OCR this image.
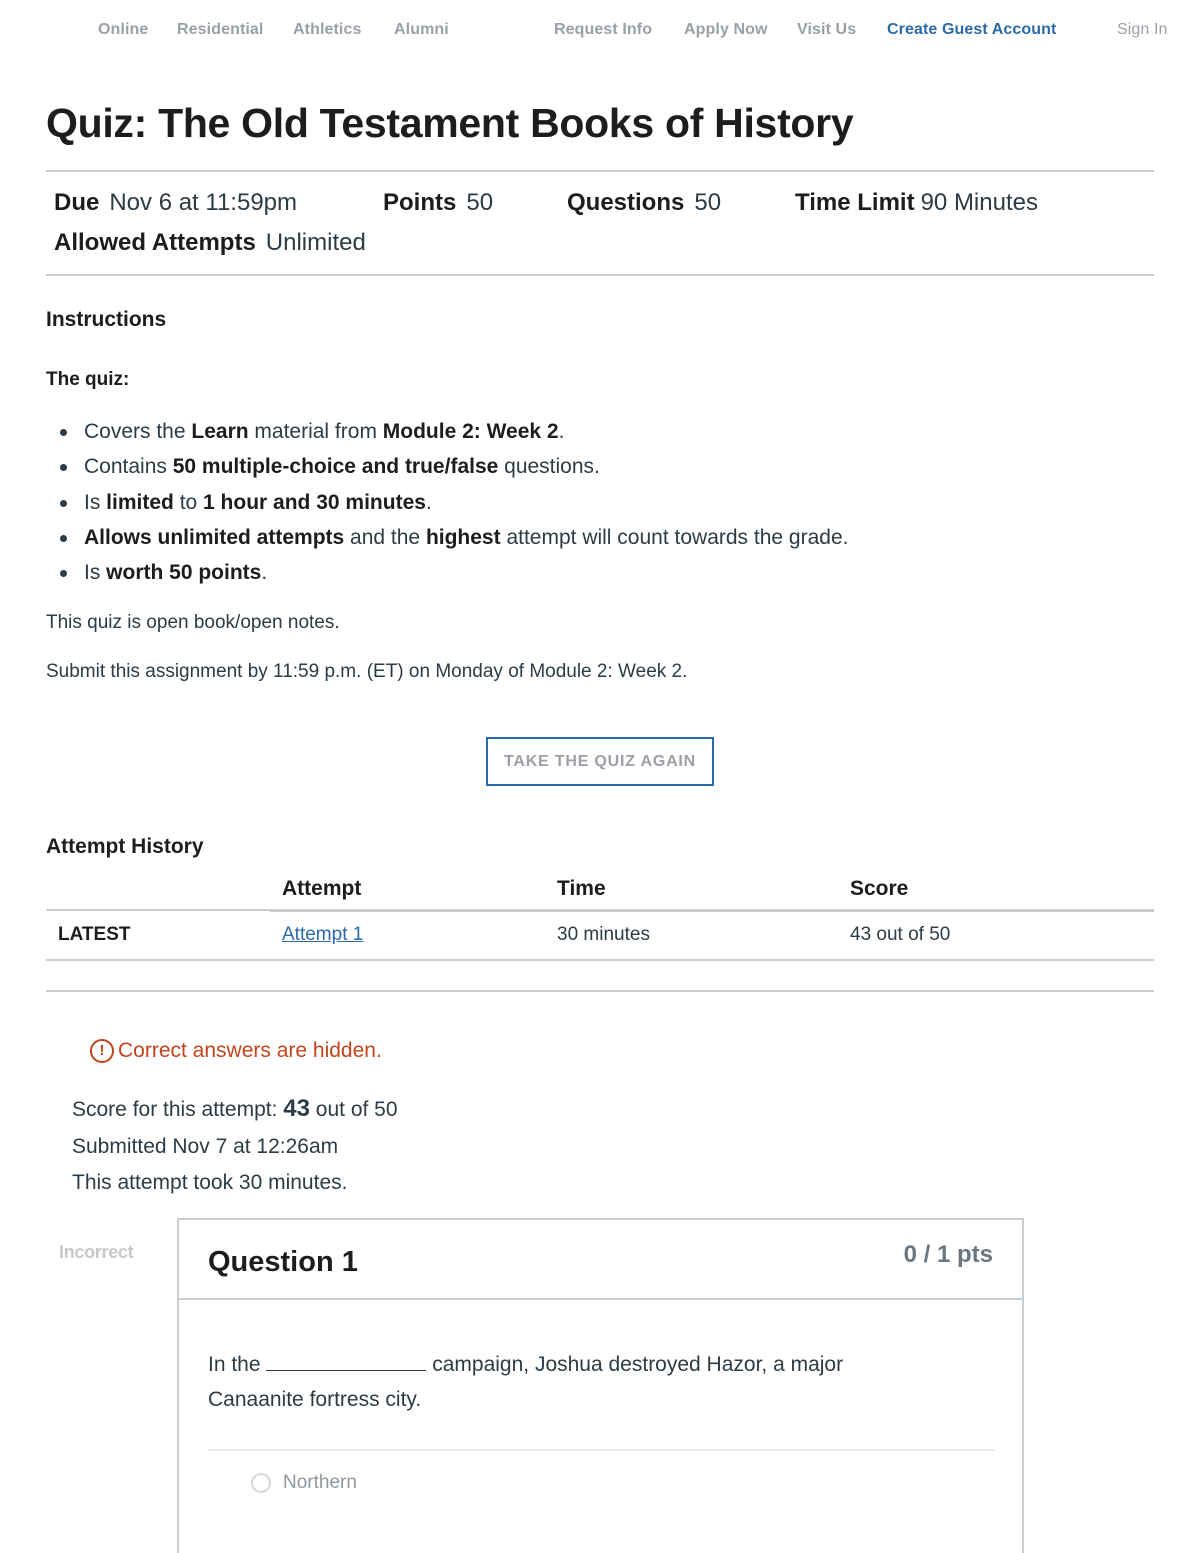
Online Residential Athletics Alumni	Request Info Apply Now Visit Us Create Guest Account	Sign In
Quiz: The Old Testament Books of History
Due Nov 6 at 11:59pm	Points 50	Questions 50	Time Limit 90 Minutes
Allowed Attempts Unlimited
Instructions
The quiz:
Covers the Learn material from Module 2: Week 2.
Contains 50 multiple-choice and true/false questions.
Is limited to 1 hour and 30 minutes.
Allows unlimited attempts and the highest attempt will count towards the grade.
Is worth 50 points.
This quiz is open book/open notes.
Submit this assignment by 11:59 p.m. (ET) on Monday of Module 2: Week 2.
TAKE THE QUIZ AGAIN
Attempt History
	Attempt	Time	Score
LATEST	Attempt 1	30 minutes	43 out of 50
! Correct answers are hidden.
Score for this attempt: 43 out of 50
Submitted Nov 7 at 12:26am
This attempt took 30 minutes.
Incorrect	Question 1	0 / 1 pts
In the	campaign, Joshua destroyed Hazor, a major Canaanite fortress city.
Northern
